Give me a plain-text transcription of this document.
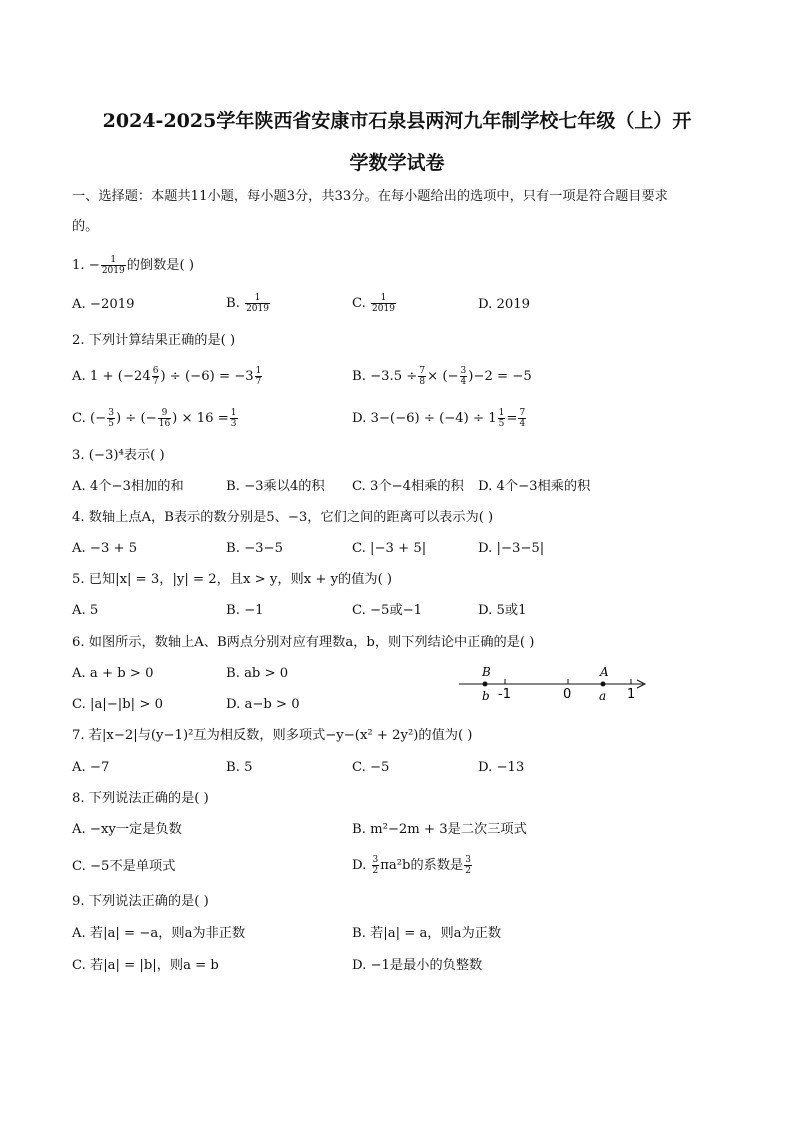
2024-2025学年陕西省安康市石泉县两河九年制学校七年级（上）开
学数学试卷
一、选择题：本题共11小题，每小题3分，共33分。在每小题给出的选项中，只有一项是符合题目要求
的。
1. − $\frac{1}{2019}$ 的倒数是( )
A. −2019	B. $\frac{1}{2019}$	C. $\frac{1}{2019}$	D. 2019
2. 下列计算结果正确的是( )
A. $1 + (-24 \frac{6}{7}$ ) ÷ $(-6) = -3 \frac{1}{7}$	B. $-3.5 \div \frac{7}{8}$ × (− $\frac{3}{4} )-2 = -5$
C. (− $\frac{3}{5}$ ) ÷ (− $\frac{9}{16}$ ) × $16 = \frac{1}{3}$	D. $3-(-6) \div (-4) \div 1 \frac{1}{5} = \frac{7}{4}$
3. (−3)⁴表示( )
A. 4个−3相加的和	B. −3乘以4的积 C. 3个−4相乘的积 D. 4个−3相乘的积
4. 数轴上点A，B表示的数分别是5、−3，它们之间的距离可以表示为( )
A. −3 + 5	B. −3−5	C. |−3 + 5|	D. |−3−5|
5. 已知|x| = 3，|y| = 2，且x > y，则x + y的值为( )
A. 5	B. −1	C. −5或−1	D. 5或1
6. 如图所示，数轴上A、B两点分别对应有理数a，b，则下列结论中正确的是( )
A. a + b > 0	B. ab > 0
C. |a|−|b| > 0	D. a−b > 0
B	A
b -1	0 a 1
7. 若|x−2|与(y−1)²互为相反数，则多项式−y−(x² + 2y²)的值为( )
A. −7	B. 5	C. −5	D. −13
8. 下列说法正确的是( )
A. −xy一定是负数	B. m²−2m + 3是二次三项式
C. −5不是单项式	D. $\frac{3}{2} \pi a^2b$的系数是 $\frac{3}{2}$
9. 下列说法正确的是( )
A. 若|a| = −a，则a为非正数	B. 若|a| = a，则a为正数
C. 若|a| = |b|，则a = b	D. −1是最小的负整数
